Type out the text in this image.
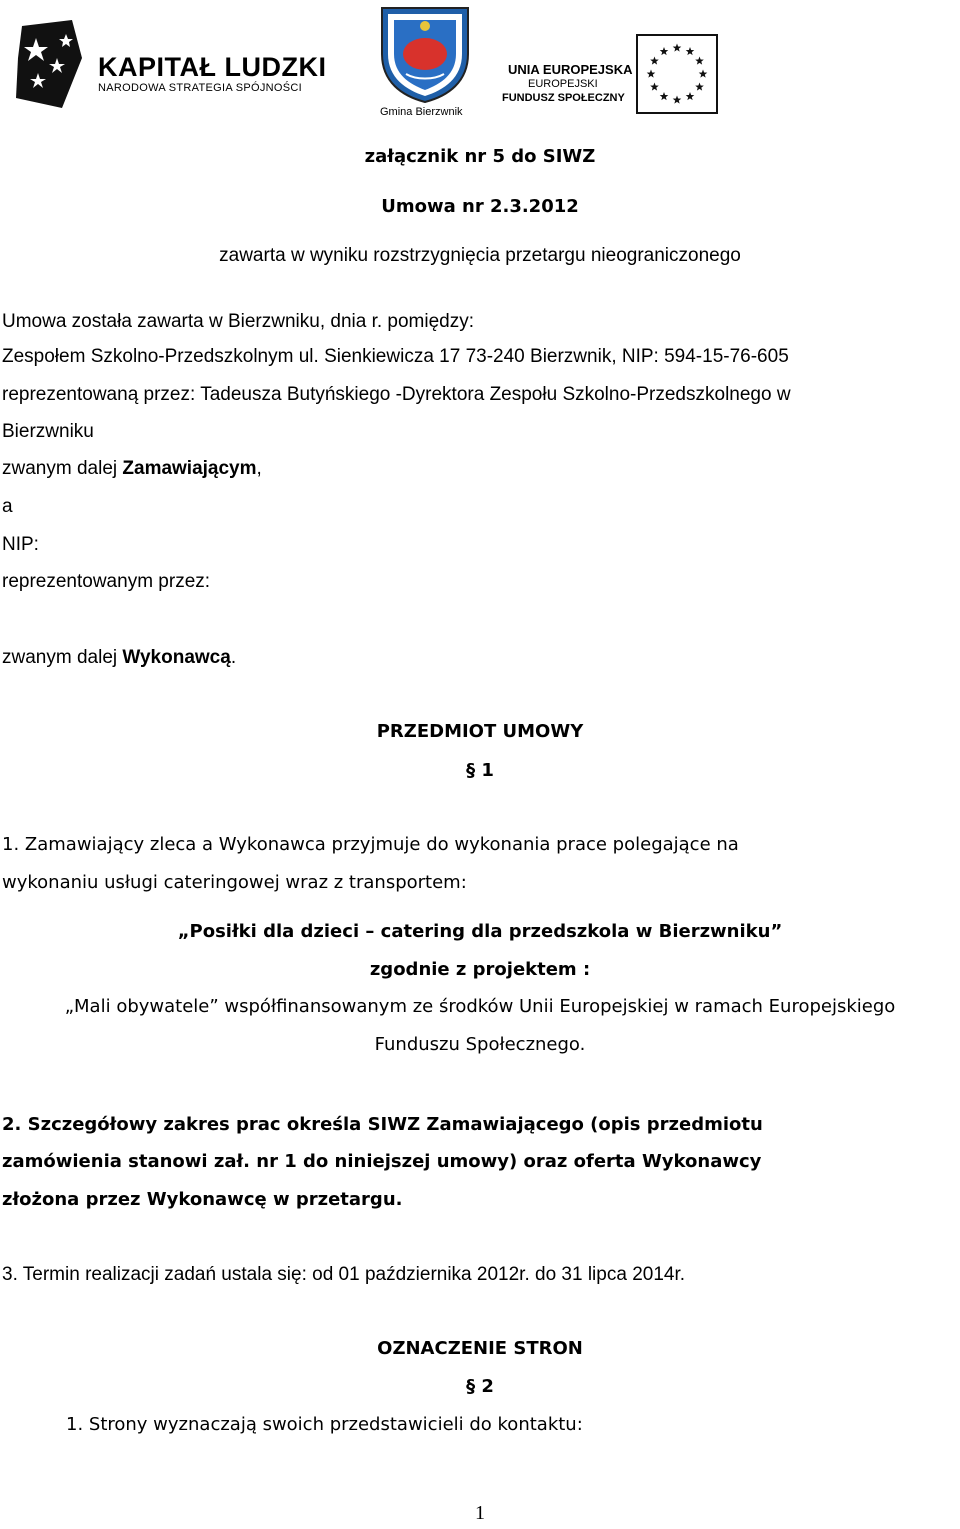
KAPITAŁ LUDZKI
NARODOWA STRATEGIA SPÓJNOŚCI
Gmina Bierzwnik
UNIA EUROPEJSKA
EUROPEJSKI
FUNDUSZ SPOŁECZNY
załącznik nr 5 do SIWZ
Umowa nr 2.3.2012
zawarta w wyniku rozstrzygnięcia przetargu nieograniczonego
Umowa została zawarta w Bierzwniku, dnia r. pomiędzy:
Zespołem Szkolno-Przedszkolnym ul. Sienkiewicza 17 73-240 Bierzwnik, NIP: 594-15-76-605
reprezentowaną przez: Tadeusza Butyńskiego -Dyrektora Zespołu Szkolno-Przedszkolnego w
Bierzwniku
zwanym dalej Zamawiającym,
a
NIP:
reprezentowanym przez:
zwanym dalej Wykonawcą.
PRZEDMIOT UMOWY
§ 1
1. Zamawiający zleca a Wykonawca przyjmuje do wykonania prace polegające na
wykonaniu usługi cateringowej wraz z transportem:
„Posiłki dla dzieci – catering dla przedszkola w Bierzwniku”
zgodnie z projektem :
„Mali obywatele” współfinansowanym ze środków Unii Europejskiej w ramach Europejskiego
Funduszu Społecznego.
2. Szczegółowy zakres prac określa SIWZ Zamawiającego (opis przedmiotu
zamówienia stanowi zał. nr 1 do niniejszej umowy) oraz oferta Wykonawcy
złożona przez Wykonawcę w przetargu.
3. Termin realizacji zadań ustala się: od 01 października 2012r. do 31 lipca 2014r.
OZNACZENIE STRON
§ 2
1. Strony wyznaczają swoich przedstawicieli do kontaktu:
1
